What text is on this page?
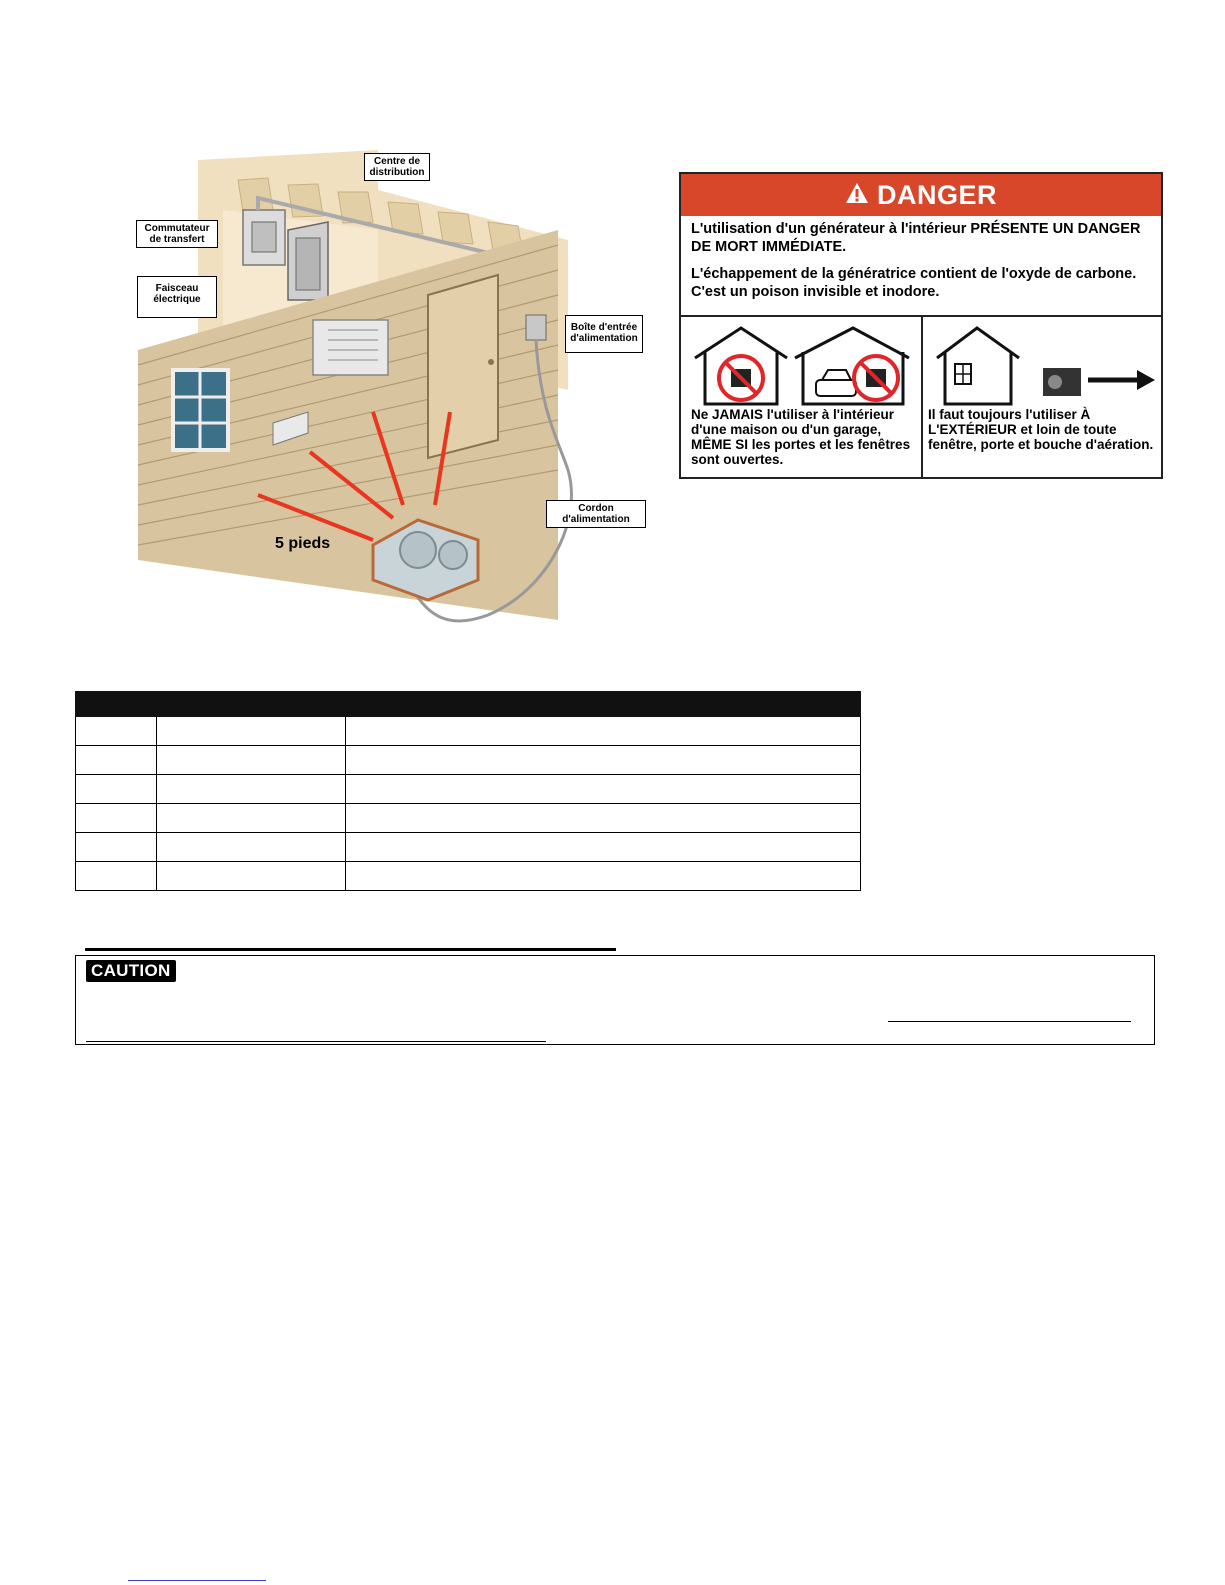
Centre de
distribution
Commutateur
de transfert
Faisceau
électrique
Boîte d'entrée
d'alimentation
Cordon
d'alimentation
5 pieds
DANGER

L'utilisation d'un générateur à l'intérieur PRÉSENTE UN DANGER DE MORT IMMÉDIATE.

L'échappement de la génératrice contient de l'oxyde de carbone. C'est un poison invisible et inodore.

Ne JAMAIS l'utiliser à l'intérieur d'une maison ou d'un garage, MÊME SI les portes et les fenêtres sont ouvertes.
Il faut toujours l'utiliser À L'EXTÉRIEUR et loin de toute fenêtre, porte et bouche d'aération.

CAUTION
